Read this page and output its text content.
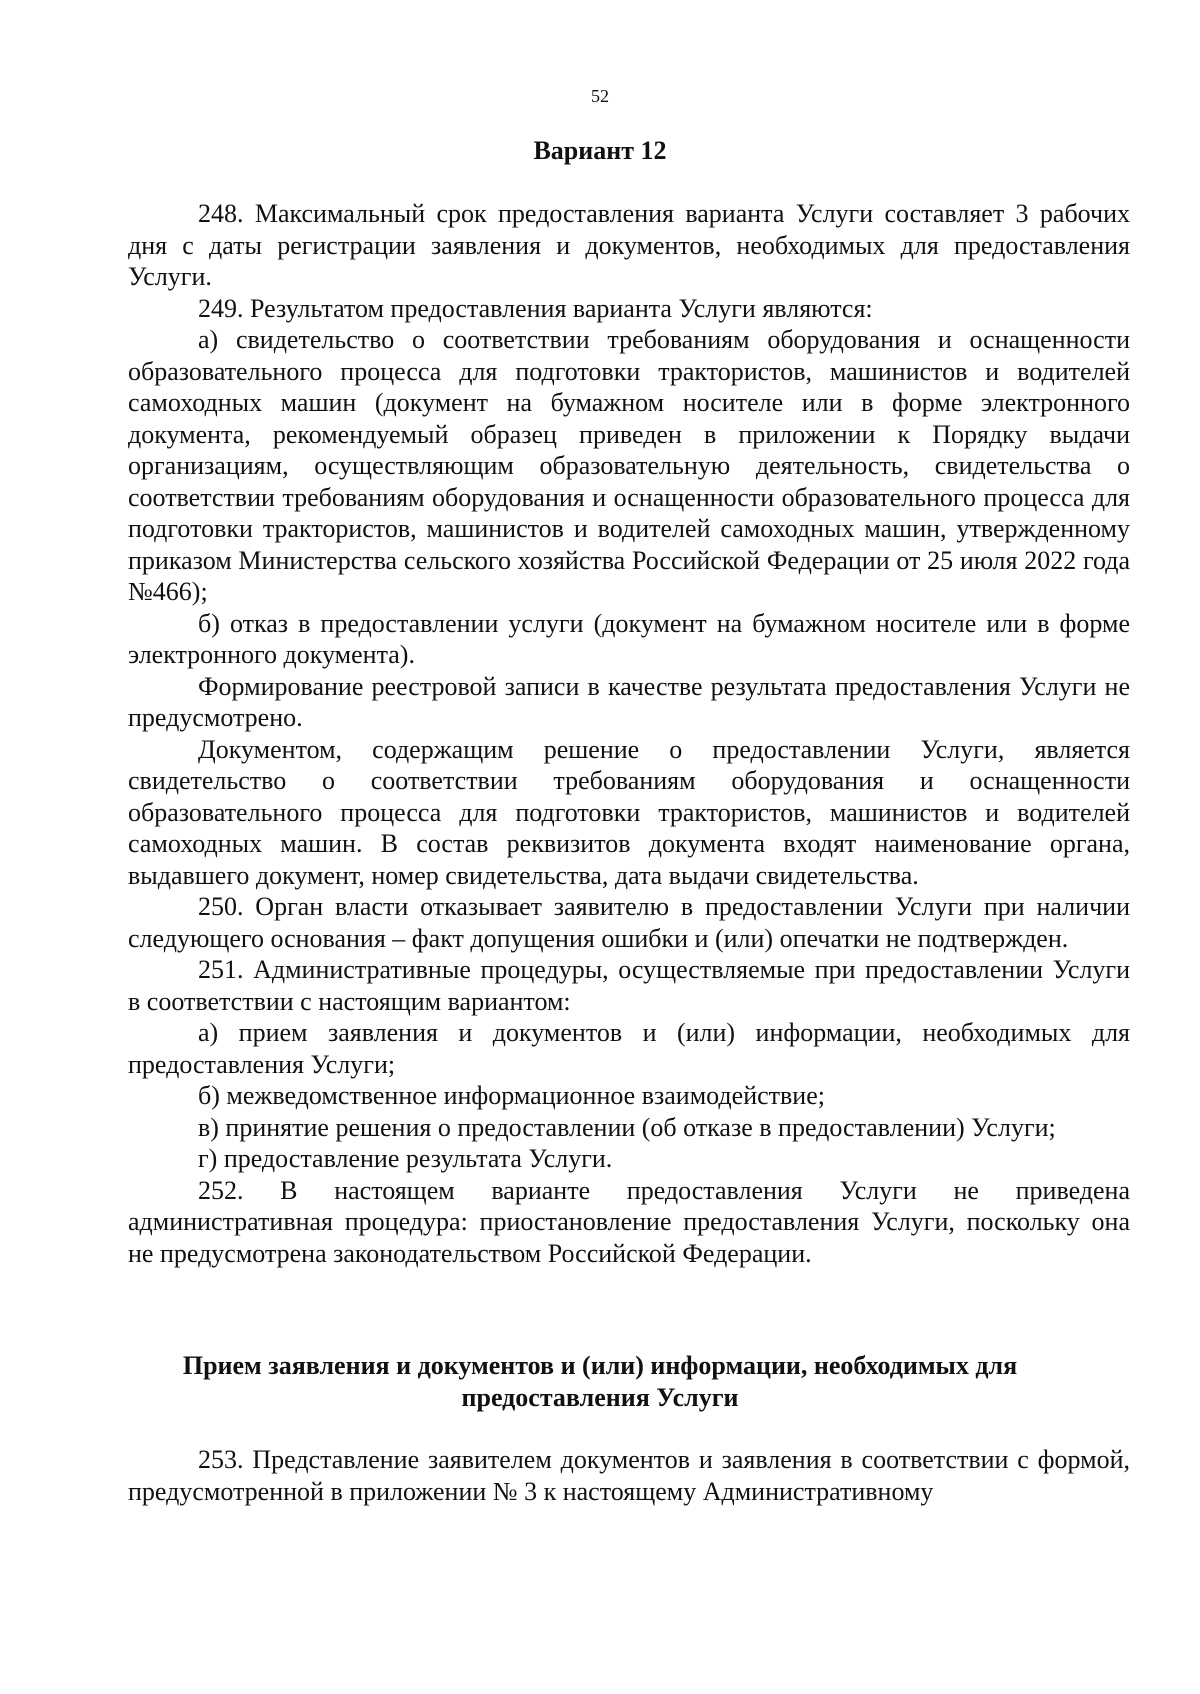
52
Вариант 12

248. Максимальный срок предоставления варианта Услуги составляет 3 рабочих дня с даты регистрации заявления и документов, необходимых для предоставления Услуги.

249. Результатом предоставления варианта Услуги являются:

а) свидетельство о соответствии требованиям оборудования и оснащенности образовательного процесса для подготовки трактористов, машинистов и водителей самоходных машин (документ на бумажном носителе или в форме электронного документа, рекомендуемый образец приведен в приложении к Порядку выдачи организациям, осуществляющим образовательную деятельность, свидетельства о соответствии требованиям оборудования и оснащенности образовательного процесса для подготовки трактористов, машинистов и водителей самоходных машин, утвержденному приказом Министерства сельского хозяйства Российской Федерации от 25 июля 2022 года №466);

б) отказ в предоставлении услуги (документ на бумажном носителе или в форме электронного документа).

Формирование реестровой записи в качестве результата предоставления Услуги не предусмотрено.

Документом, содержащим решение о предоставлении Услуги, является свидетельство о соответствии требованиям оборудования и оснащенности образовательного процесса для подготовки трактористов, машинистов и водителей самоходных машин. В состав реквизитов документа входят наименование органа, выдавшего документ, номер свидетельства, дата выдачи свидетельства.

250. Орган власти отказывает заявителю в предоставлении Услуги при наличии следующего основания – факт допущения ошибки и (или) опечатки не подтвержден.

251. Административные процедуры, осуществляемые при предоставлении Услуги в соответствии с настоящим вариантом:

а) прием заявления и документов и (или) информации, необходимых для предоставления Услуги;

б) межведомственное информационное взаимодействие;

в) принятие решения о предоставлении (об отказе в предоставлении) Услуги;

г) предоставление результата Услуги.

252. В настоящем варианте предоставления Услуги не приведена административная процедура: приостановление предоставления Услуги, поскольку она не предусмотрена законодательством Российской Федерации.

Прием заявления и документов и (или) информации, необходимых для предоставления Услуги

253. Представление заявителем документов и заявления в соответствии с формой, предусмотренной в приложении № 3 к настоящему Административному
